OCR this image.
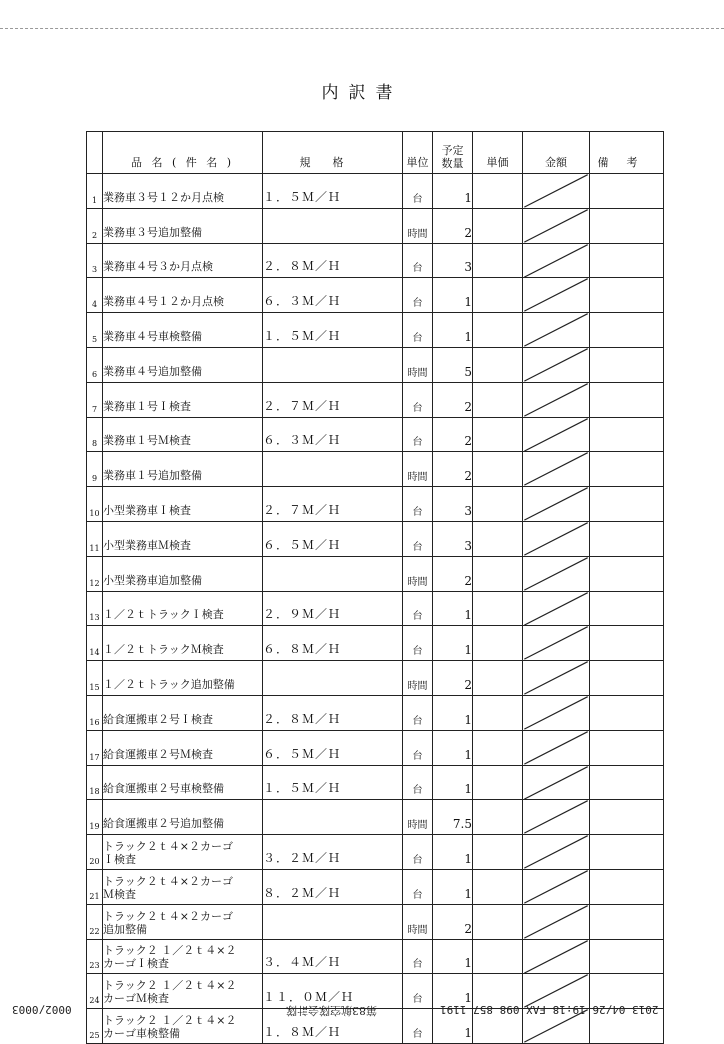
内訳書
	品 名 ( 件 名 )	規格	単位	予定
数量	単価	金額	備考
1	業務車３号１２か月点検	１．５Ｍ／Ｈ	台	1		

2	業務車３号追加整備		時間	2		

3	業務車４号３か月点検	２．８Ｍ／Ｈ	台	3		

4	業務車４号１２か月点検	６．３Ｍ／Ｈ	台	1		

5	業務車４号車検整備	１．５Ｍ／Ｈ	台	1		

6	業務車４号追加整備		時間	5		

7	業務車１号Ｉ検査	２．７Ｍ／Ｈ	台	2		

8	業務車１号Ｍ検査	６．３Ｍ／Ｈ	台	2		

9	業務車１号追加整備		時間	2		

10	小型業務車Ｉ検査	２．７Ｍ／Ｈ	台	3		

11	小型業務車Ｍ検査	６．５Ｍ／Ｈ	台	3		

12	小型業務車追加整備		時間	2		

13	１／２ｔトラックＩ検査	２．９Ｍ／Ｈ	台	1		

14	１／２ｔトラックＭ検査	６．８Ｍ／Ｈ	台	1		

15	１／２ｔトラック追加整備		時間	2		

16	給食運搬車２号Ｉ検査	２．８Ｍ／Ｈ	台	1		

17	給食運搬車２号Ｍ検査	６．５Ｍ／Ｈ	台	1		

18	給食運搬車２号車検整備	１．５Ｍ／Ｈ	台	1		

19	給食運搬車２号追加整備		時間	7.5		

20	トラック２ｔ４×２カーゴ
Ｉ検査	３．２Ｍ／Ｈ	台	1		

21	トラック２ｔ４×２カーゴ
Ｍ検査	８．２Ｍ／Ｈ	台	1		

22	トラック２ｔ４×２カーゴ
追加整備		時間	2		

23	トラック２ １／２ｔ４×２
カーゴＩ検査	３．４Ｍ／Ｈ	台	1		

24	トラック２ １／２ｔ４×２
カーゴＭ検査	１１．０Ｍ／Ｈ	台	1		

25	トラック２ １／２ｔ４×２
カーゴ車検整備	１．８Ｍ／Ｈ	台	1		

2013 04/26 19:18 FAX 098 857 1191
第83航空隊会計隊
0002/0003
